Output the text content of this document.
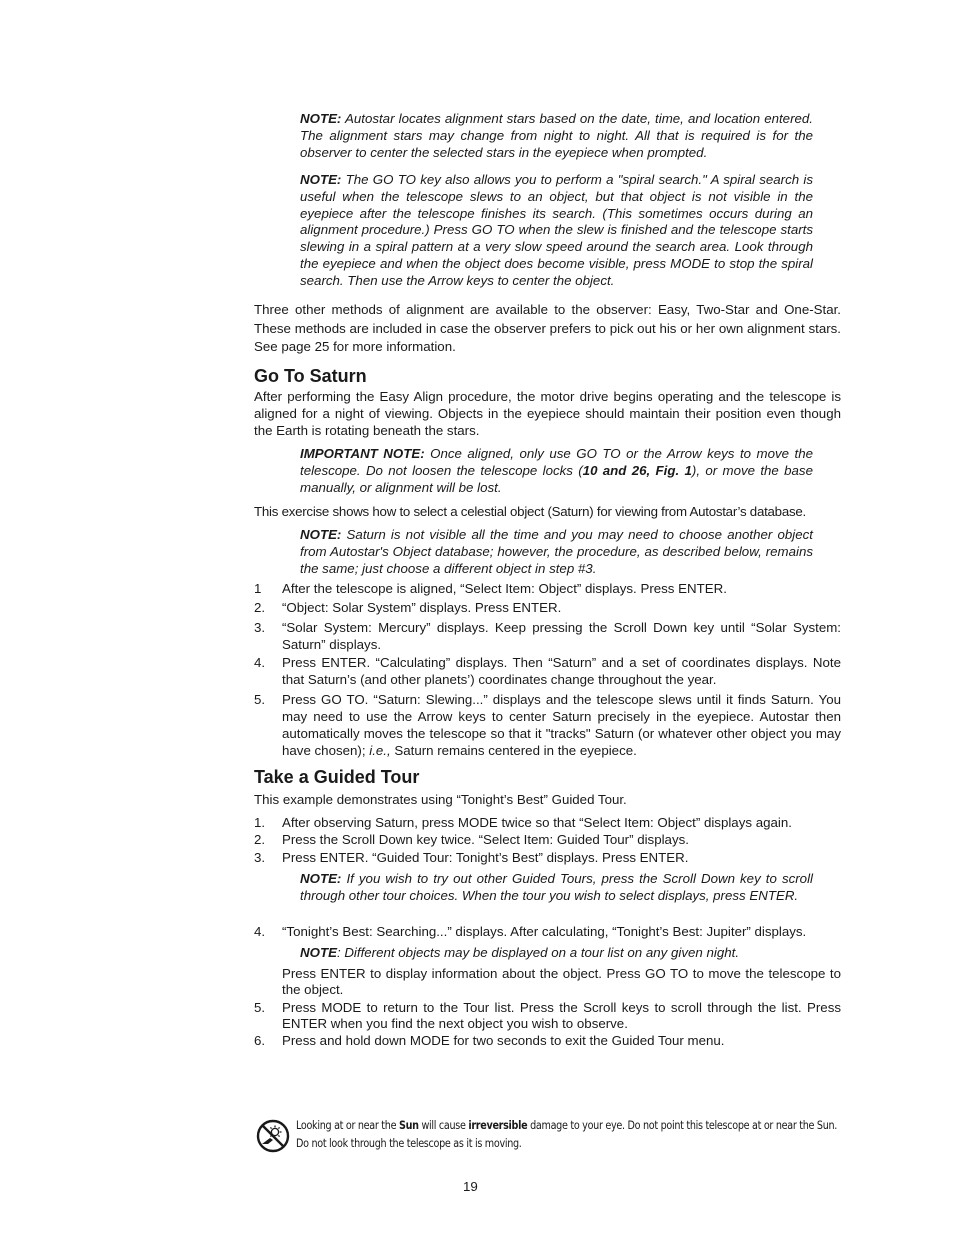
NOTE: Autostar locates alignment stars based on the date, time, and location entered. The alignment stars may change from night to night. All that is required is for the observer to center the selected stars in the eyepiece when prompted.

NOTE: The GO TO key also allows you to perform a "spiral search." A spiral search is useful when the telescope slews to an object, but that object is not visible in the eyepiece after the telescope finishes its search. (This sometimes occurs during an alignment procedure.) Press GO TO when the slew is finished and the telescope starts slewing in a spiral pattern at a very slow speed around the search area. Look through the eyepiece and when the object does become visible, press MODE to stop the spiral search. Then use the Arrow keys to center the object.

Three other methods of alignment are available to the observer: Easy, Two-Star and One-Star. These methods are included in case the observer prefers to pick out his or her own alignment stars. See page 25 for more information.

Go To Saturn

After performing the Easy Align procedure, the motor drive begins operating and the telescope is aligned for a night of viewing. Objects in the eyepiece should maintain their position even though the Earth is rotating beneath the stars.

IMPORTANT NOTE: Once aligned, only use GO TO or the Arrow keys to move the telescope. Do not loosen the telescope locks (10 and 26, Fig. 1), or move the base manually, or alignment will be lost.

This exercise shows how to select a celestial object (Saturn) for viewing from Autostar’s database.

NOTE: Saturn is not visible all the time and you may need to choose another object from Autostar's Object database; however, the procedure, as described below, remains the same; just choose a different object in step #3.

1	After the telescope is aligned, “Select Item: Object” displays. Press ENTER.
2.	“Object: Solar System” displays. Press ENTER.
3.	“Solar System: Mercury” displays. Keep pressing the Scroll Down key until “Solar System: Saturn” displays.
4.	Press ENTER. “Calculating” displays. Then “Saturn” and a set of coordinates displays. Note that Saturn’s (and other planets’) coordinates change throughout the year.
5.	Press GO TO. “Saturn: Slewing...” displays and the telescope slews until it finds Saturn. You may need to use the Arrow keys to center Saturn precisely in the eyepiece. Autostar then automatically moves the telescope so that it "tracks" Saturn (or whatever other object you may have chosen); i.e., Saturn remains centered in the eyepiece.
Take a Guided Tour

This example demonstrates using “Tonight’s Best” Guided Tour.

1.	After observing Saturn, press MODE twice so that “Select Item: Object” displays again.
2.	Press the Scroll Down key twice. “Select Item: Guided Tour” displays.
3.	Press ENTER. “Guided Tour: Tonight’s Best” displays. Press ENTER.

NOTE: If you wish to try out other Guided Tours, press the Scroll Down key to scroll through other tour choices. When the tour you wish to select displays, press ENTER.

4.	“Tonight’s Best: Searching...” displays. After calculating, “Tonight’s Best: Jupiter” displays.

NOTE: Different objects may be displayed on a tour list on any given night.

Press ENTER to display information about the object. Press GO TO to move the telescope to the object.

5.	Press MODE to return to the Tour list. Press the Scroll keys to scroll through the list. Press ENTER when you find the next object you wish to observe.
6.	Press and hold down MODE for two seconds to exit the Guided Tour menu.
Looking at or near the Sun will cause irreversible damage to your eye. Do not point this telescope at or near the Sun.
Do not look through the telescope as it is moving.
19
